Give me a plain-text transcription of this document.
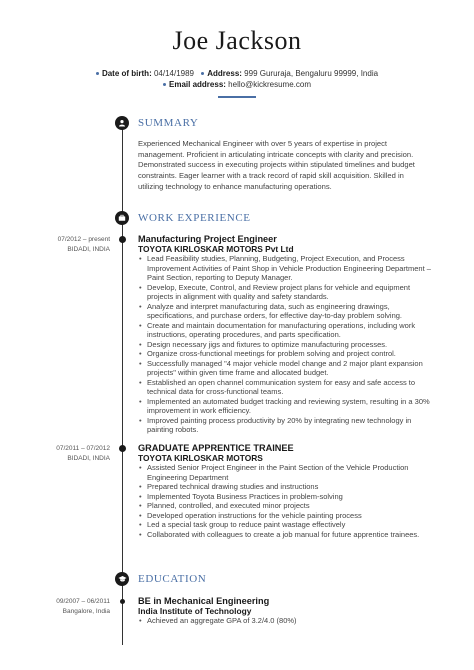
Joe Jackson
Date of birth: 04/14/1989 Address: 999 Gururaja, Bengaluru 99999, India
Email address: hello@kickresume.com
SUMMARY
Experienced Mechanical Engineer with over 5 years of expertise in project management. Proficient in articulating intricate concepts with clarity and precision. Demonstrated success in executing projects within stipulated timelines and budget constraints. Eager learner with a track record of rapid skill acquisition. Skilled in utilizing technology to enhance manufacturing operations.
WORK EXPERIENCE
07/2012 – present
BIDADI, INDIA
Manufacturing Project Engineer
TOYOTA KIRLOSKAR MOTORS Pvt Ltd
• Lead Feasibility studies, Planning, Budgeting, Project Execution, and Process Improvement Activities of Paint Shop in Vehicle Production Engineering Department – Paint Section, reporting to Deputy Manager.
• Develop, Execute, Control, and Review project plans for vehicle and equipment projects in alignment with quality and safety standards.
• Analyze and interpret manufacturing data, such as engineering drawings, specifications, and purchase orders, for effective day-to-day problem solving.
• Create and maintain documentation for manufacturing operations, including work instructions, operating procedures, and parts specification.
• Design necessary jigs and fixtures to optimize manufacturing processes.
• Organize cross-functional meetings for problem solving and project control.
• Successfully managed "4 major vehicle model change and 2 major plant expansion projects" within given time frame and allocated budget.
• Established an open channel communication system for easy and safe access to technical data for cross-functional teams.
• Implemented an automated budget tracking and reviewing system, resulting in a 30% improvement in work efficiency.
• Improved painting process productivity by 20% by integrating new technology in painting robots.
07/2011 – 07/2012
BIDADI, INDIA
GRADUATE APPRENTICE TRAINEE
TOYOTA KIRLOSKAR MOTORS
• Assisted Senior Project Engineer in the Paint Section of the Vehicle Production Engineering Department
• Prepared technical drawing studies and instructions
• Implemented Toyota Business Practices in problem-solving
• Planned, controlled, and executed minor projects
• Developed operation instructions for the vehicle painting process
• Led a special task group to reduce paint wastage effectively
• Collaborated with colleagues to create a job manual for future apprentice trainees.
EDUCATION
09/2007 – 06/2011
Bangalore, India
BE in Mechanical Engineering
India Institute of Technology
• Achieved an aggregate GPA of 3.2/4.0 (80%)
